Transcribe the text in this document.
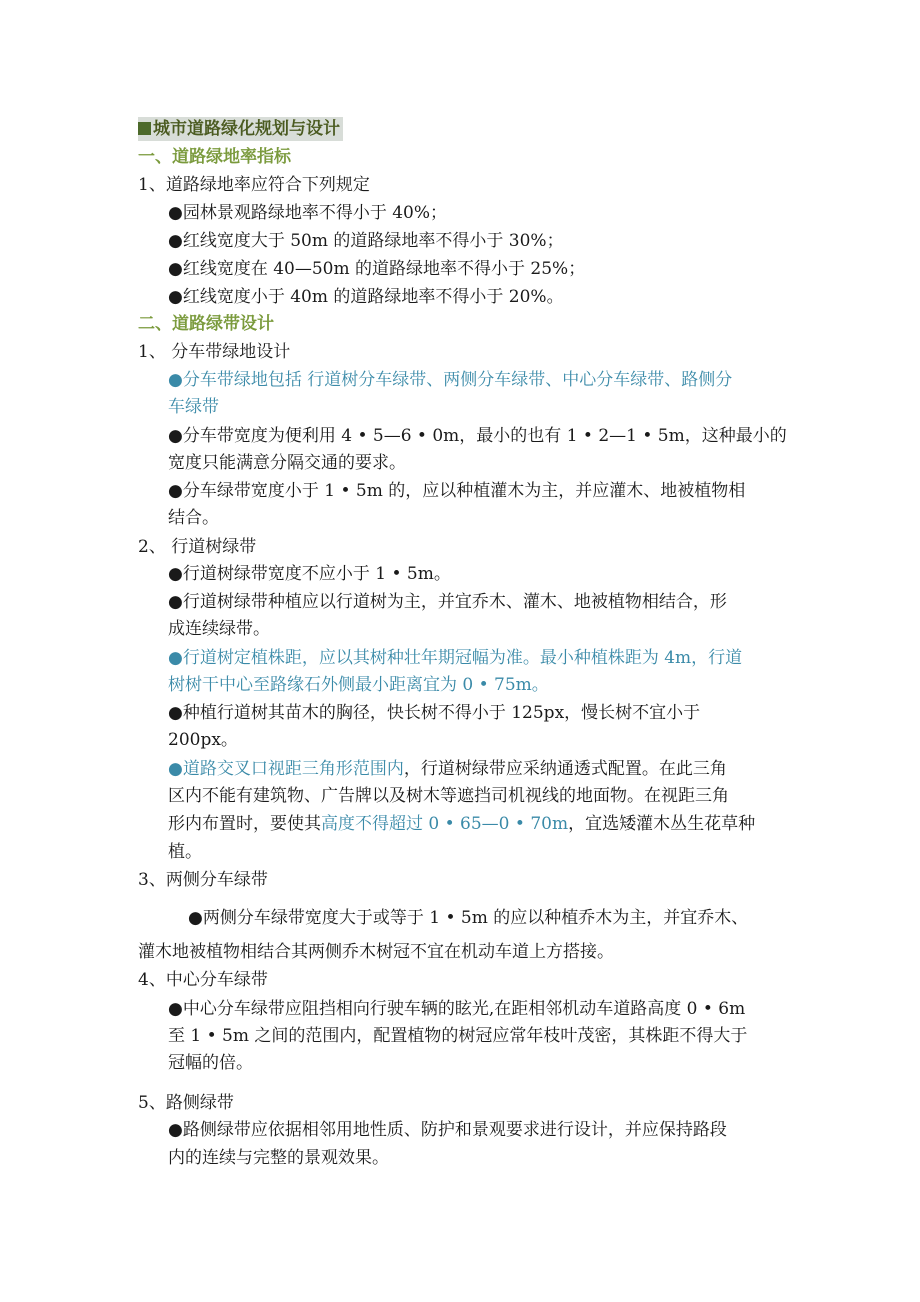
城市道路绿化规划与设计
一、道路绿地率指标
1、道路绿地率应符合下列规定
●园林景观路绿地率不得小于 40%；
●红线宽度大于 50m 的道路绿地率不得小于 30%；
●红线宽度在 40—50m 的道路绿地率不得小于 25%；
●红线宽度小于 40m 的道路绿地率不得小于 20%。
二、道路绿带设计
1、 分车带绿地设计
●分车带绿地包括 行道树分车绿带、两侧分车绿带、中心分车绿带、路侧分
车绿带
●分车带宽度为便利用 4 • 5—6 • 0m，最小的也有 1 • 2—1 • 5m，这种最小的
宽度只能满意分隔交通的要求。
●分车绿带宽度小于 1 • 5m 的，应以种植灌木为主，并应灌木、地被植物相
结合。
2、 行道树绿带
●行道树绿带宽度不应小于 1 • 5m。
●行道树绿带种植应以行道树为主，并宜乔木、灌木、地被植物相结合，形
成连续绿带。
●行道树定植株距，应以其树种壮年期冠幅为准。最小种植株距为 4m，行道
树树干中心至路缘石外侧最小距离宜为 0 • 75m。
●种植行道树其苗木的胸径，快长树不得小于 125px，慢长树不宜小于
200px。
●道路交叉口视距三角形范围内，行道树绿带应采纳通透式配置。在此三角
区内不能有建筑物、广告牌以及树木等遮挡司机视线的地面物。在视距三角
形内布置时，要使其高度不得超过 0 • 65—0 • 70m，宜选矮灌木丛生花草种
植。
3、两侧分车绿带
●两侧分车绿带宽度大于或等于 1 • 5m 的应以种植乔木为主，并宜乔木、
灌木地被植物相结合其两侧乔木树冠不宜在机动车道上方搭接。
4、中心分车绿带
●中心分车绿带应阻挡相向行驶车辆的眩光,在距相邻机动车道路高度 0 • 6m
至 1 • 5m 之间的范围内，配置植物的树冠应常年枝叶茂密，其株距不得大于
冠幅的倍。
5、路侧绿带
●路侧绿带应依据相邻用地性质、防护和景观要求进行设计，并应保持路段
内的连续与完整的景观效果。
